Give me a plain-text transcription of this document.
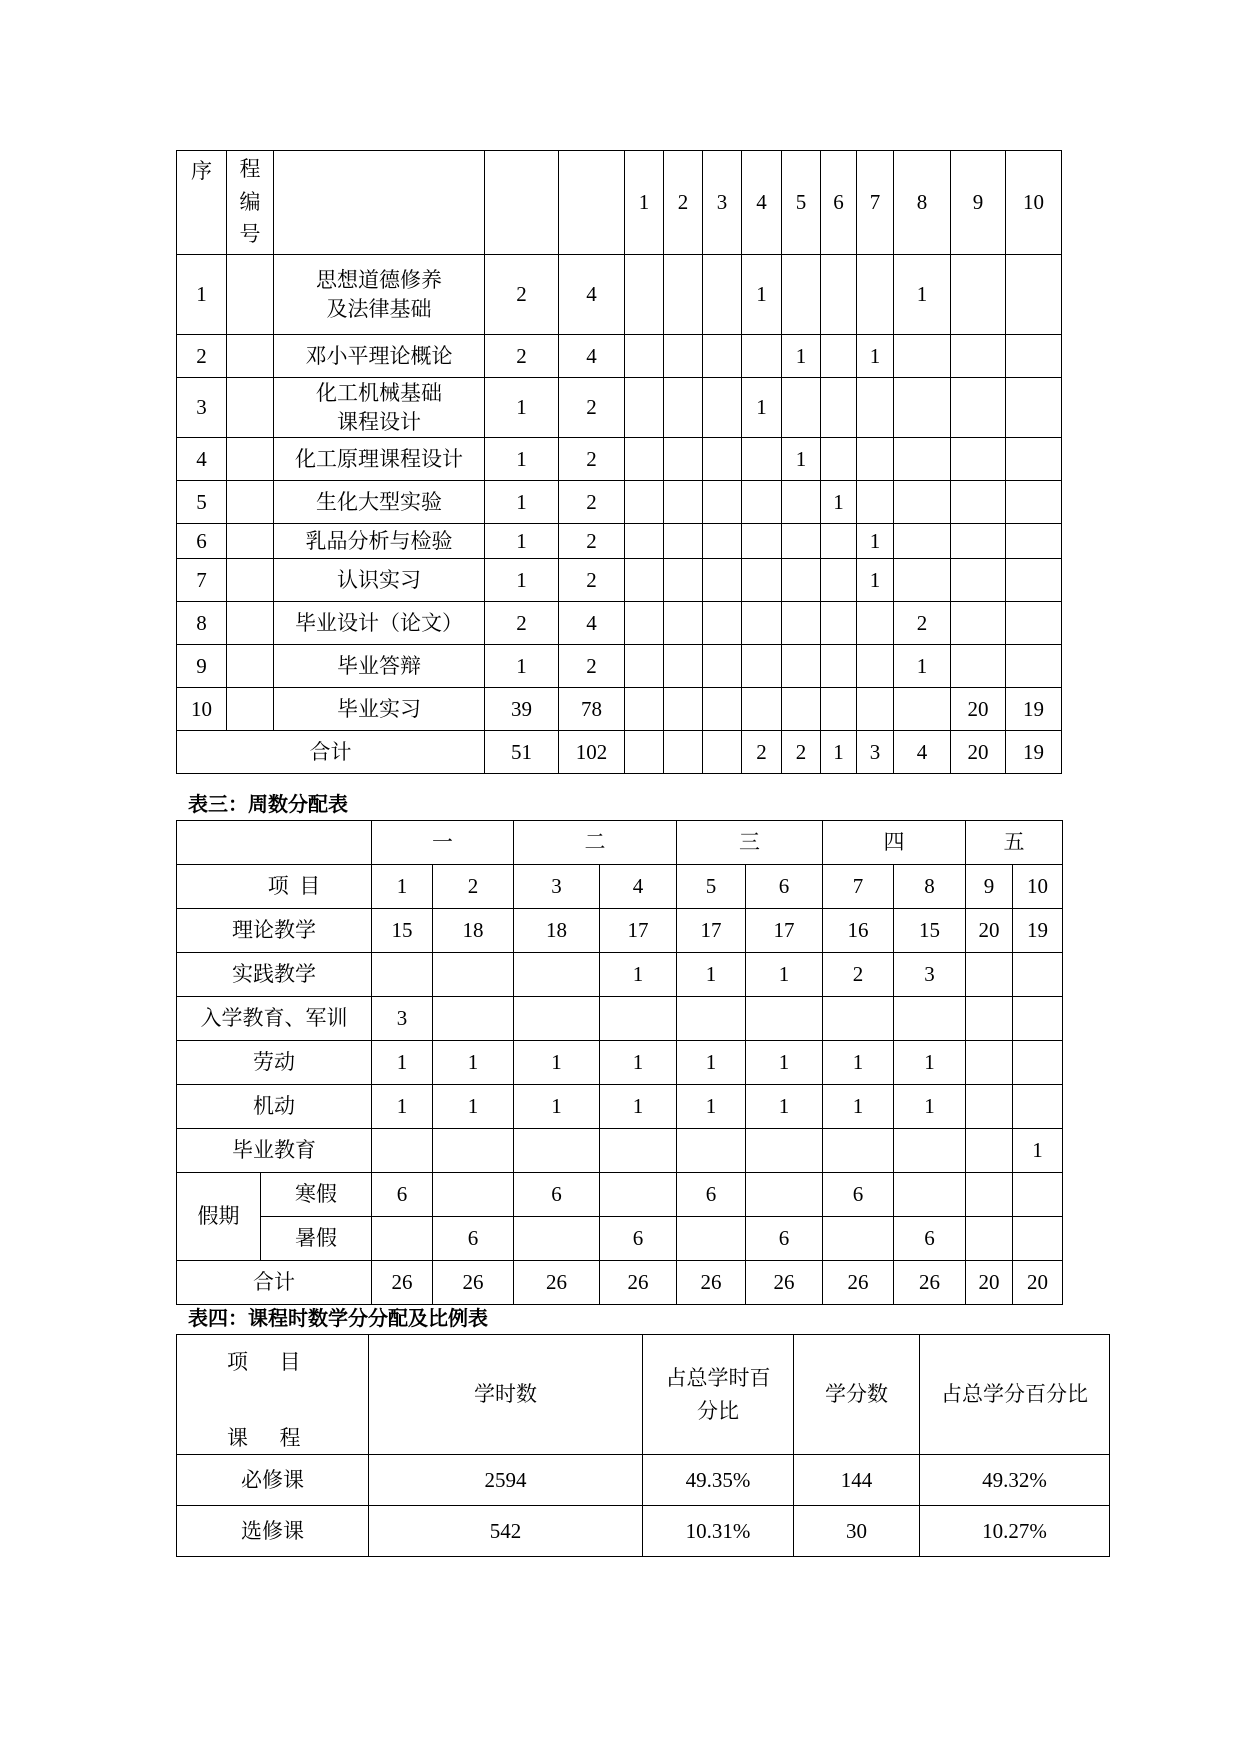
序	程
编
号				1	2	3	4	5	6	7	8	9	10
1		思想道德修养
及法律基础	2	4				1				1		
2		邓小平理论概论	2	4					1		1			
3		化工机械基础
课程设计	1	2				1						
4		化工原理课程设计	1	2					1					
5		生化大型实验	1	2						1				
6		乳品分析与检验	1	2							1			
7		认识实习	1	2							1			
8		毕业设计（论文）	2	4								2		
9		毕业答辩	1	2								1		
10		毕业实习	39	78									20	19
合计			51	102				2	2	1	3	4	20	19
表三：周数分配表
		一		二		三		四		五	
项  目		1	2	3	4	5	6	7	8	9	10
理论教学		15	18	18	17	17	17	16	15	20	19
实践教学					1	1	1	2	3		
入学教育、军训		3									
劳动		1	1	1	1	1	1	1	1		
机动		1	1	1	1	1	1	1	1		
毕业教育											1
假期	寒假	6		6		6		6			
	暑假		6		6		6		6		
合计		26	26	26	26	26	26	26	26	20	20
表四：课程时数学分分配及比例表
项      目
课      程	学时数	占总学时百
分比	学分数	占总学分百分比
必修课	2594	49.35%	144	49.32%
选修课	542	10.31%	30	10.27%
